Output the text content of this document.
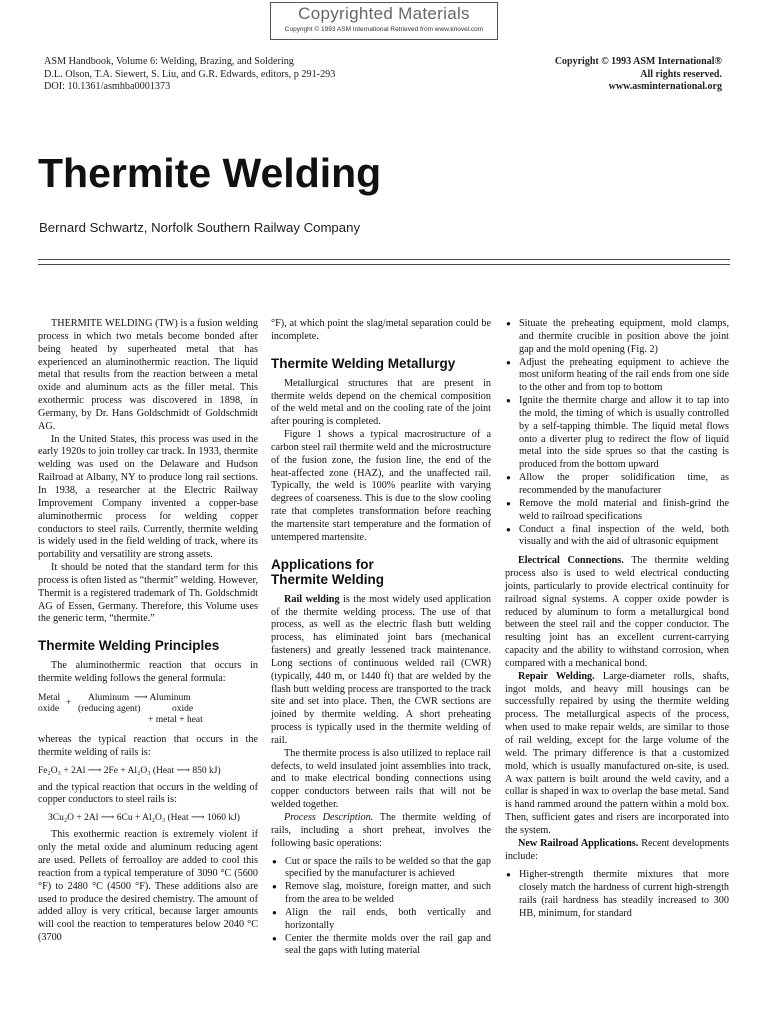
Copyrighted Materials
Copyright © 1993 ASM International Retrieved from www.knovel.com
ASM Handbook, Volume 6: Welding, Brazing, and Soldering
D.L. Olson, T.A. Siewert, S. Liu, and G.R. Edwards, editors, p 291-293
DOI: 10.1361/asmhba0001373
Copyright © 1993 ASM International®
All rights reserved.
www.asminternational.org
Thermite Welding
Bernard Schwartz, Norfolk Southern Railway Company

THERMITE WELDING (TW) is a fusion welding process in which two metals become bonded after being heated by superheated metal that has experienced an aluminothermic reaction. The liquid metal that results from the reaction between a metal oxide and aluminum acts as the filler metal. This exothermic process was discovered in 1898, in Germany, by Dr. Hans Goldschmidt of Goldschmidt AG.

In the United States, this process was used in the early 1920s to join trolley car track. In 1933, thermite welding was used on the Delaware and Hudson Railroad at Albany, NY to produce long rail sections. In 1938, a researcher at the Electric Railway Improvement Company invented a copper-base aluminothermic process for welding copper conductors to steel rails. Currently, thermite welding is widely used in the field welding of track, where its portability and versatility are strong assets.

It should be noted that the standard term for this process is often listed as “thermit” welding. However, Thermit is a registered trademark of Th. Goldschmidt AG of Essen, Germany. Therefore, this Volume uses the generic term, “thermite.”

Thermite Welding Principles

The aluminothermic reaction that occurs in thermite welding follows the general formula:

Metal
oxide
+ Aluminum
(reducing agent)
⟶ Aluminum
oxide
+ metal + heat

whereas the typical reaction that occurs in the thermite welding of rails is:

Fe₂O₃ + 2Al ⟶ 2Fe + Al₂O₃ (Heat ⟶ 850 kJ)

and the typical reaction that occurs in the welding of copper conductors to steel rails is:

3Cu₂O + 2Al ⟶ 6Cu + Al₂O₃ (Heat ⟶ 1060 kJ)

This exothermic reaction is extremely violent if only the metal oxide and aluminum reducing agent are used. Pellets of ferroalloy are added to cool this reaction from a typical temperature of 3090 °C (5600 °F) to 2480 °C (4500 °F). These additions also are used to produce the desired chemistry. The amount of added alloy is very critical, because larger amounts will cool the reaction to temperatures below 2040 °C (3700

°F), at which point the slag/metal separation could be incomplete.

Thermite Welding Metallurgy

Metallurgical structures that are present in thermite welds depend on the chemical composition of the weld metal and on the cooling rate of the joint after pouring is completed.

Figure 1 shows a typical macrostructure of a carbon steel rail thermite weld and the microstructure of the fusion zone, the fusion line, the end of the heat-affected zone (HAZ), and the unaffected rail. Typically, the weld is 100% pearlite with varying degrees of coarseness. This is due to the slow cooling rate that completes transformation before reaching the martensite start temperature and the formation of untempered martensite.

Applications for
Thermite Welding

Rail welding is the most widely used application of the thermite welding process. The use of that process, as well as the electric flash butt welding process, has eliminated joint bars (mechanical fasteners) and greatly lessened track maintenance. Long sections of continuous welded rail (CWR) (typically, 440 m, or 1440 ft) that are welded by the flash butt welding process are transported to the track site and set into place. Then, the CWR sections are joined by thermite welding. A short preheating process is typically used in the thermite welding of rail.

The thermite process is also utilized to replace rail defects, to weld insulated joint assemblies into track, and to make electrical bonding connections using copper conductors between rails that will not be welded together.

Process Description. The thermite welding of rails, including a short preheat, involves the following basic operations:

● Cut or space the rails to be welded so that the gap specified by the manufacturer is achieved
● Remove slag, moisture, foreign matter, and such from the area to be welded
● Align the rail ends, both vertically and horizontally
● Center the thermite molds over the rail gap and seal the gaps with luting material
● Situate the preheating equipment, mold clamps, and thermite crucible in position above the joint gap and the mold opening (Fig. 2)
● Adjust the preheating equipment to achieve the most uniform heating of the rail ends from one side to the other and from top to bottom
● Ignite the thermite charge and allow it to tap into the mold, the timing of which is usually controlled by a self-tapping thimble. The liquid metal flows onto a diverter plug to redirect the flow of liquid metal into the side sprues so that the casting is produced from the bottom upward
● Allow the proper solidification time, as recommended by the manufacturer
● Remove the mold material and finish-grind the weld to railroad specifications
● Conduct a final inspection of the weld, both visually and with the aid of ultrasonic equipment

Electrical Connections. The thermite welding process also is used to weld electrical conducting joints, particularly to provide electrical continuity for railroad signal systems. A copper oxide powder is reduced by aluminum to form a metallurgical bond between the steel rail and the copper conductor. The resulting joint has an excellent current-carrying capacity and the ability to withstand corrosion, when compared with a mechanical bond.

Repair Welding. Large-diameter rolls, shafts, ingot molds, and heavy mill housings can be successfully repaired by using the thermite welding process. The metallurgical aspects of the process, when used to make repair welds, are similar to those of rail welding, except for the large volume of the weld. The primary difference is that a customized mold, which is usually manufactured on-site, is used. A wax pattern is built around the weld cavity, and a collar is shaped in wax to overlap the base metal. Sand is hand rammed around the pattern within a mold box. Then, sufficient gates and risers are incorporated into the system.

New Railroad Applications. Recent developments include:

● Higher-strength thermite mixtures that more closely match the hardness of current high-strength rails (rail hardness has steadily increased to 300 HB, minimum, for standard
